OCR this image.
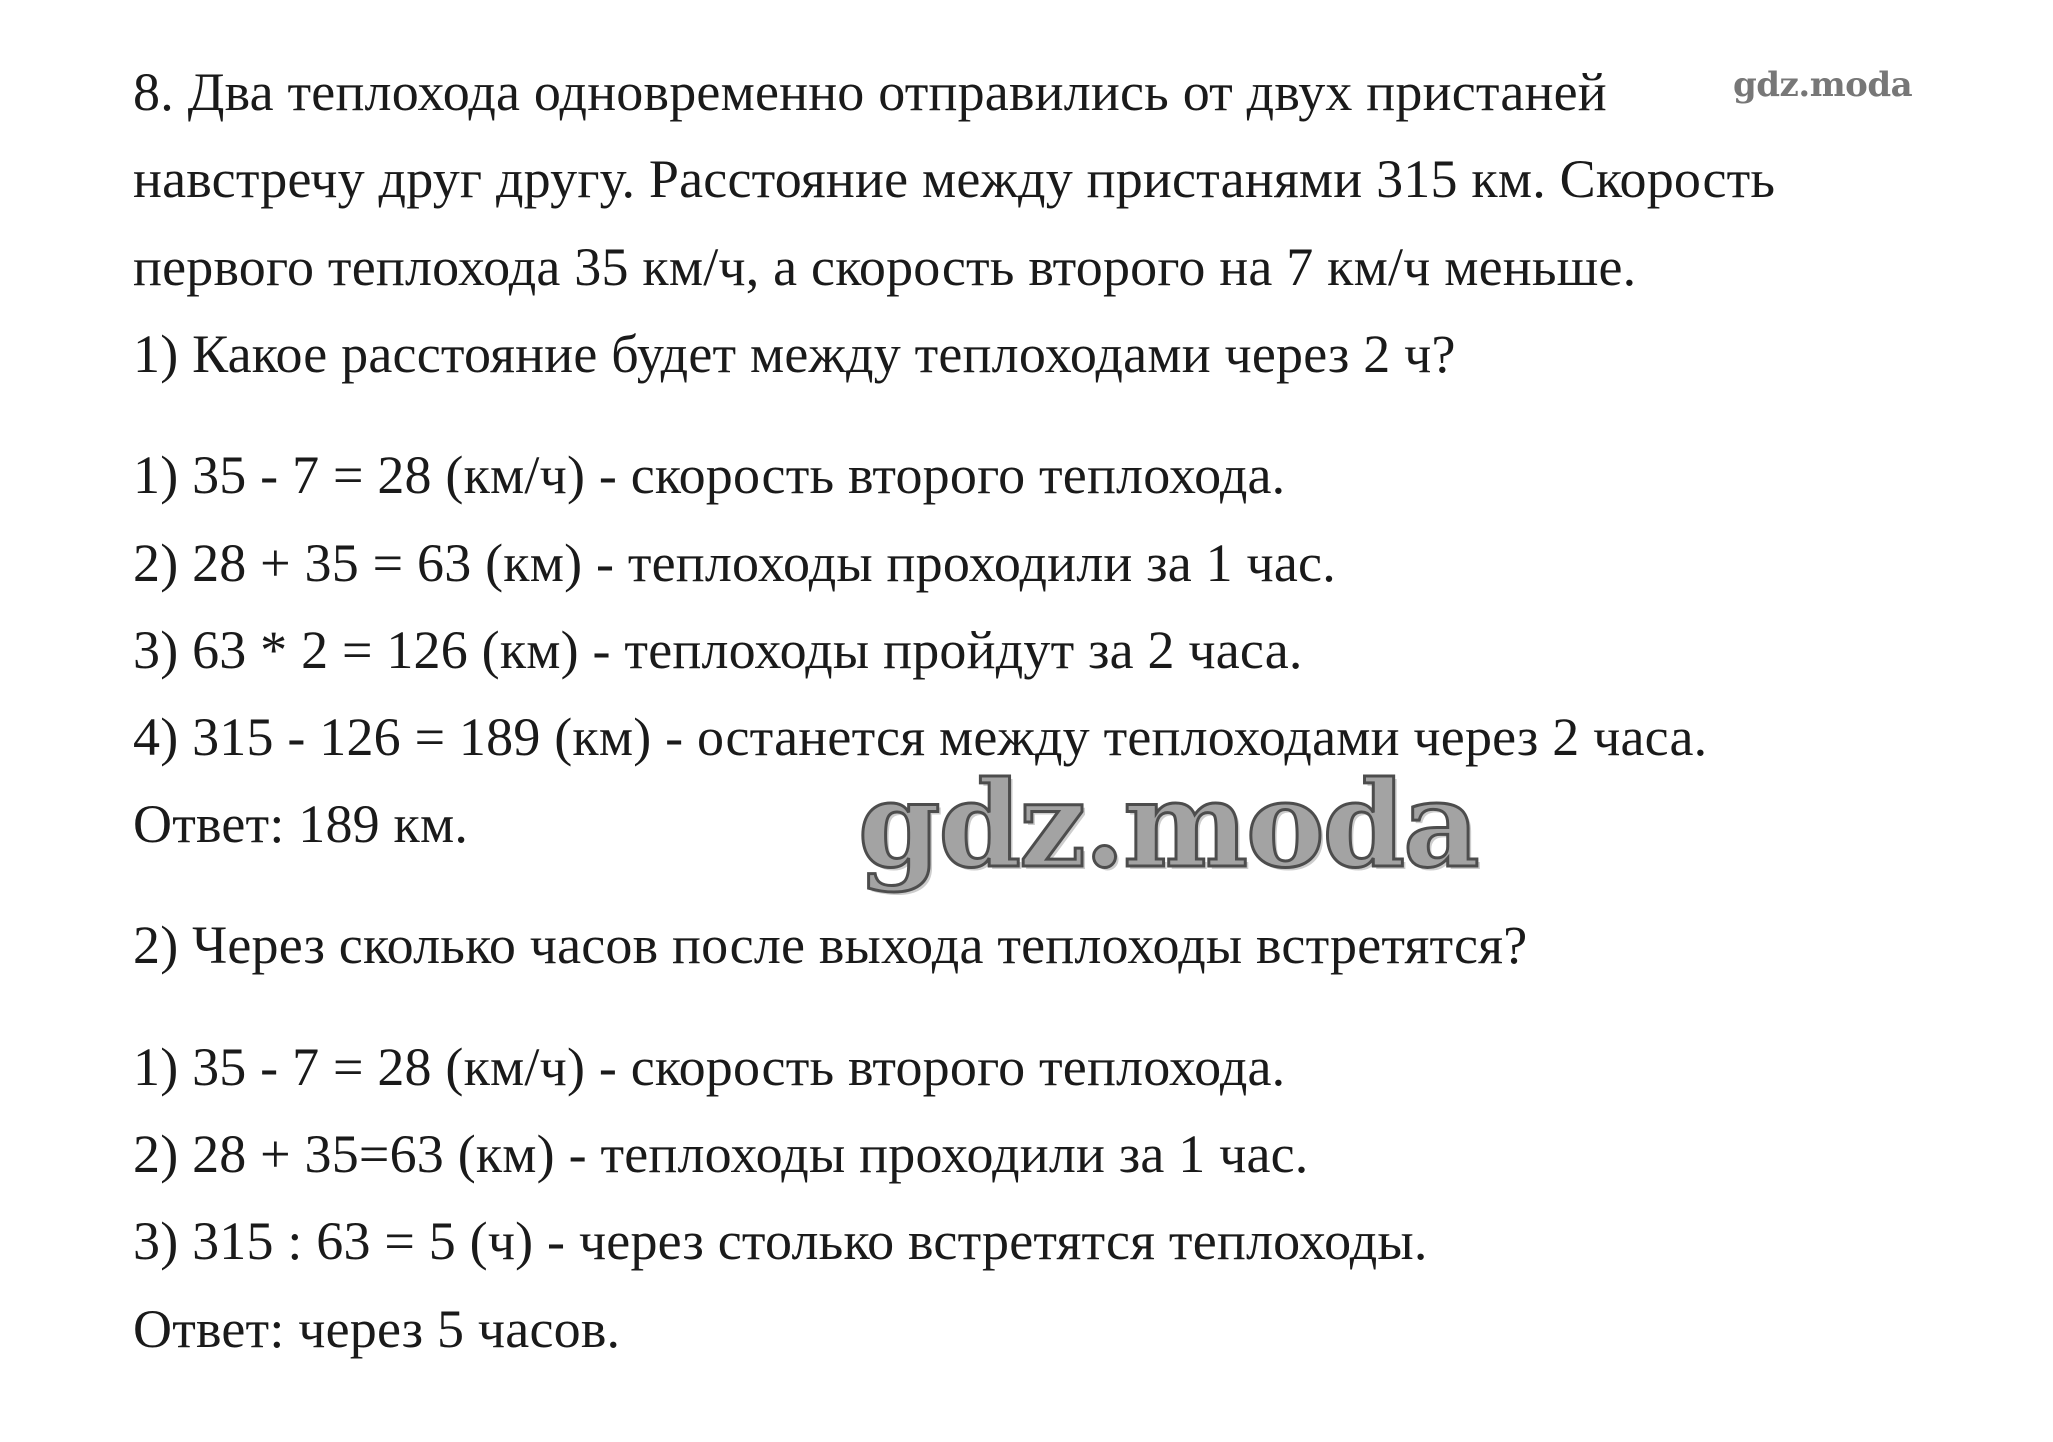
8. Два теплохода одновременно отправились от двух пристаней
навстречу друг другу. Расстояние между пристанями 315 км. Скорость
первого теплохода 35 км/ч, а скорость второго на 7 км/ч меньше.
1) Какое расстояние будет между теплоходами через 2 ч?
1) 35 - 7 = 28 (км/ч) - скорость второго теплохода.
2) 28 + 35 = 63 (км) - теплоходы проходили за 1 час.
3) 63 * 2 = 126 (км) - теплоходы пройдут за 2 часа.
4) 315 - 126 = 189 (км) - останется между теплоходами через 2 часа.
Ответ: 189 км.
2) Через сколько часов после выхода теплоходы встретятся?
1) 35 - 7 = 28 (км/ч) - скорость второго теплохода.
2) 28 + 35=63 (км) - теплоходы проходили за 1 час.
3) 315 : 63 = 5 (ч) - через столько встретятся теплоходы.
Ответ: через 5 часов.
gdz.moda
gdz.moda
